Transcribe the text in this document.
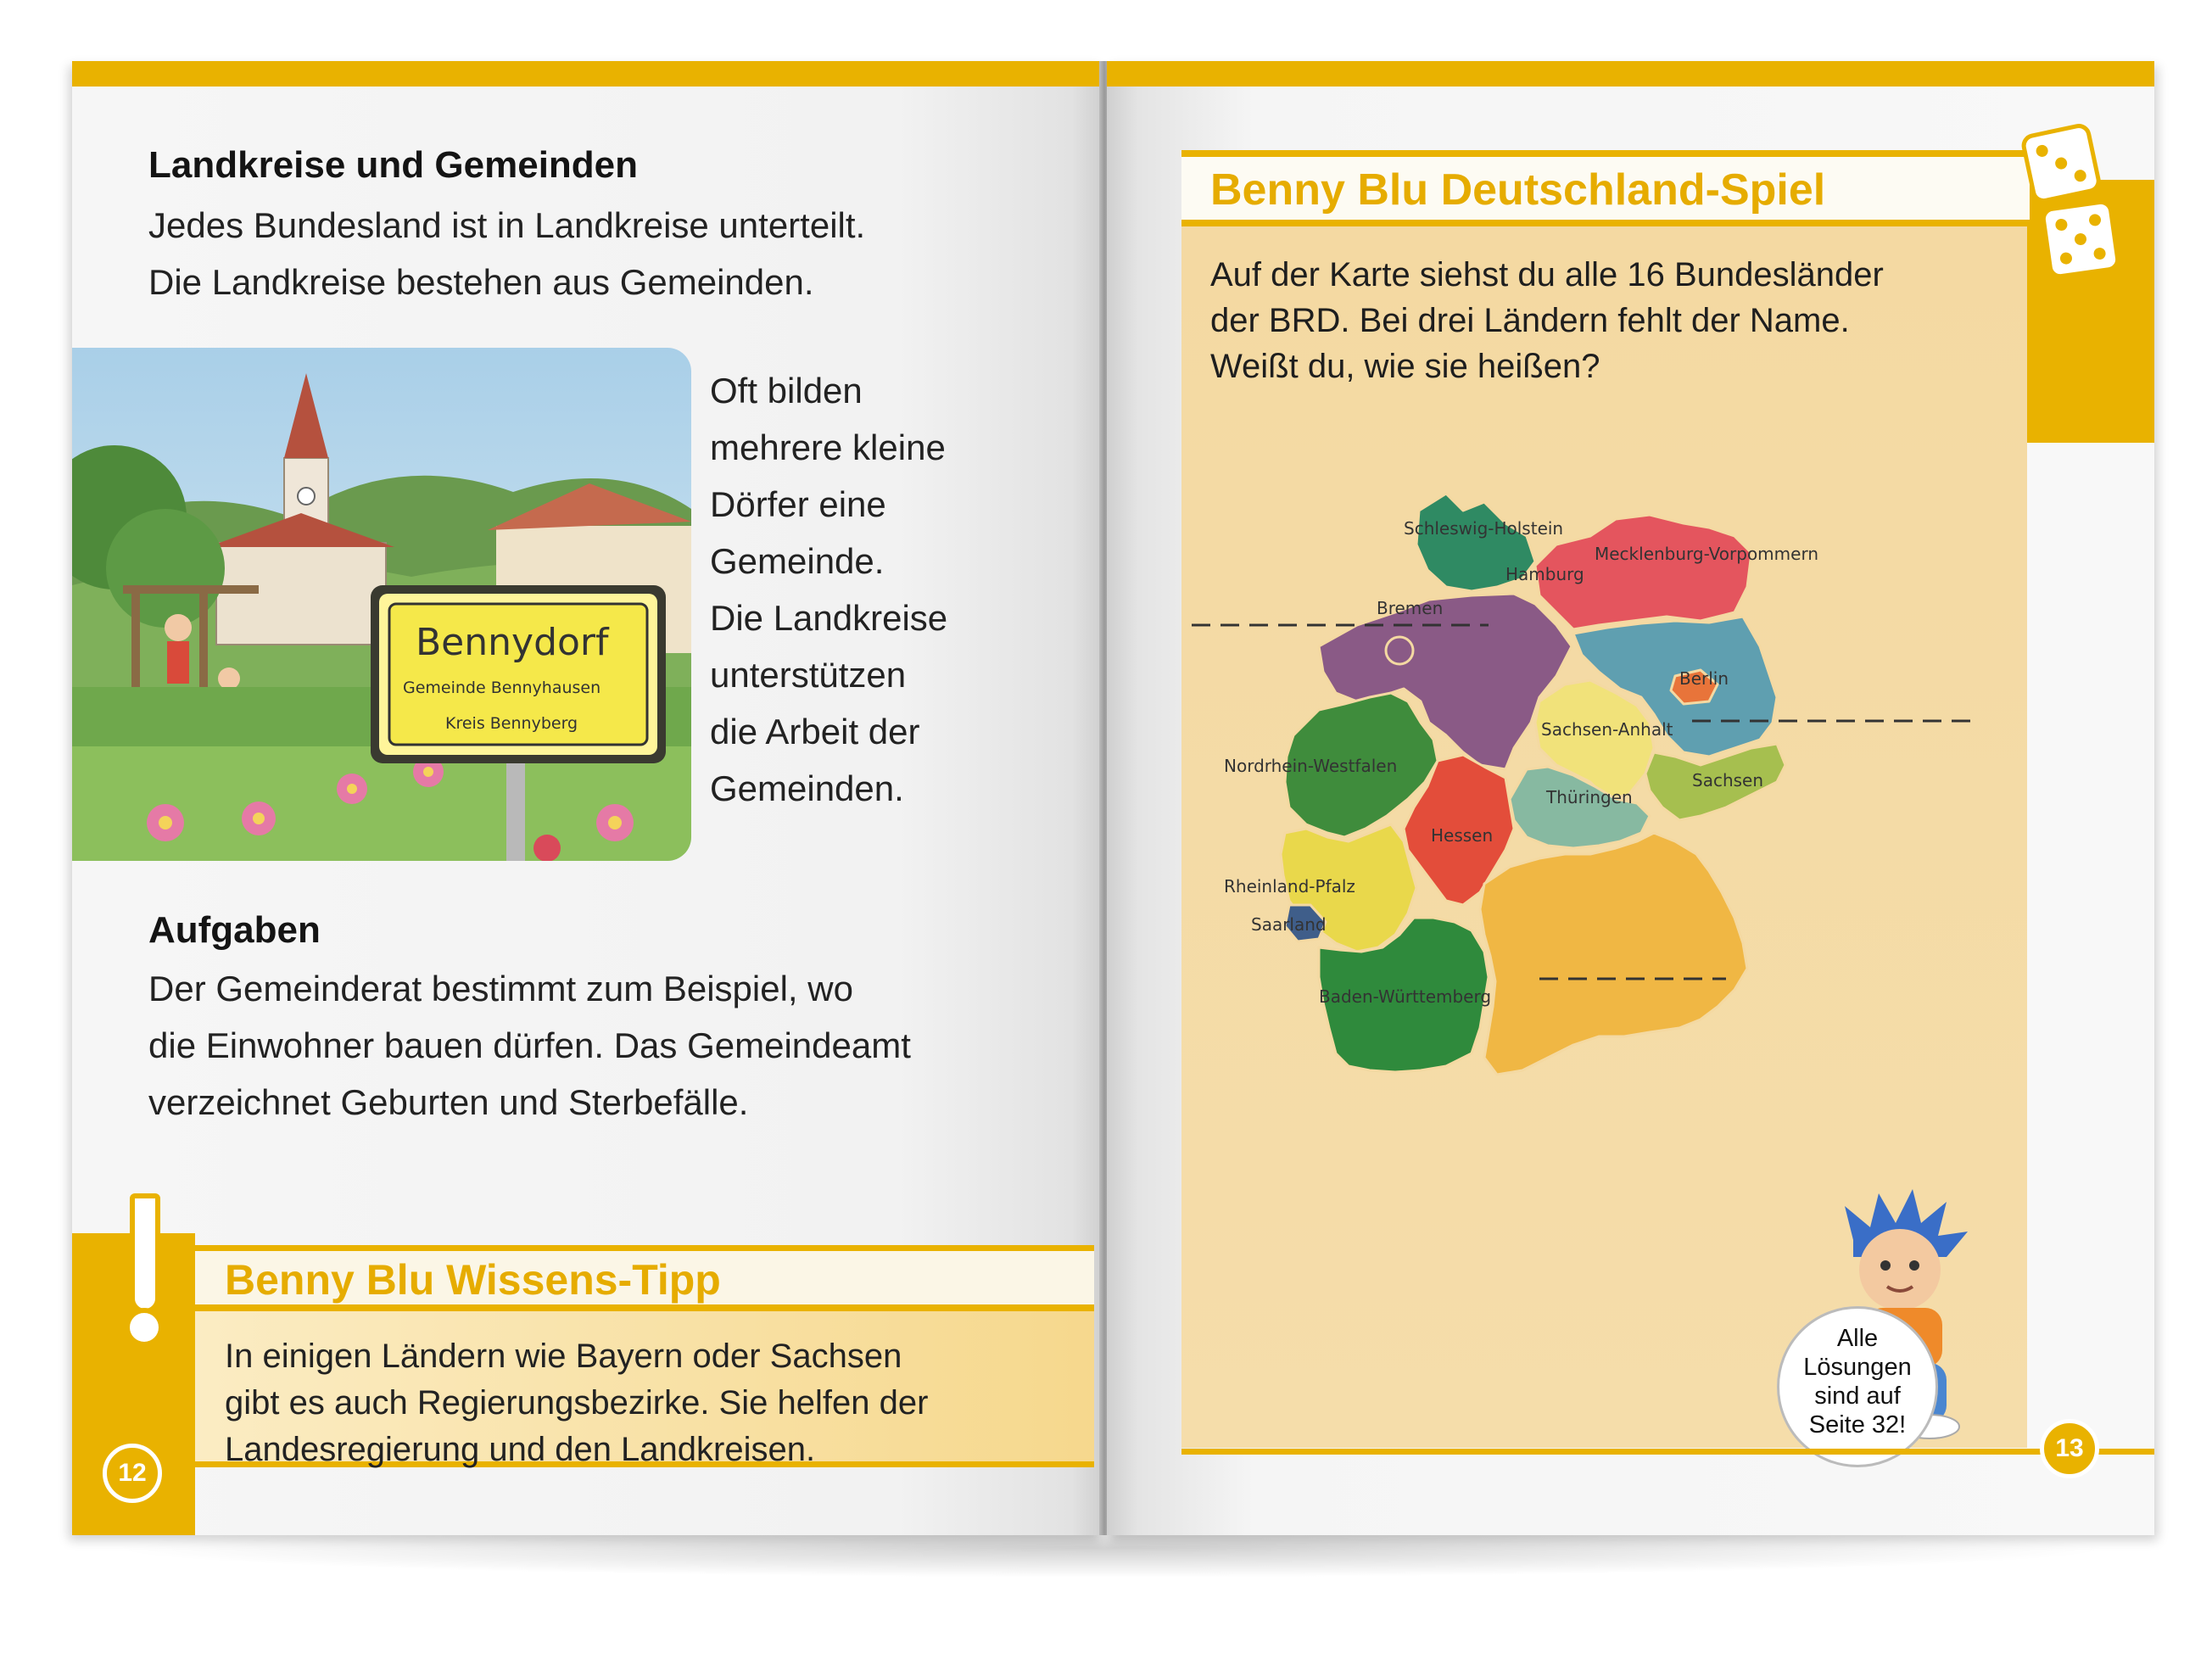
Landkreise und Gemeinden
Jedes Bundesland ist in Landkreise unterteilt.
Die Landkreise bestehen aus Gemeinden.
Bennydorf
Gemeinde Bennyhausen
Kreis Bennyberg
Oft bilden
mehrere kleine
Dörfer eine
Gemeinde.
Die Landkreise
unterstützen
die Arbeit der
Gemeinden.
Aufgaben
Der Gemeinderat bestimmt zum Beispiel, wo
die Einwohner bauen dürfen. Das Gemeindeamt
verzeichnet Geburten und Sterbefälle.
Benny Blu Wissens-Tipp
In einigen Ländern wie Bayern oder Sachsen
gibt es auch Regierungsbezirke. Sie helfen der
Landesregierung und den Landkreisen.
12
Benny Blu Deutschland-Spiel
Auf der Karte siehst du alle 16 Bundesländer
der BRD. Bei drei Ländern fehlt der Name.
Weißt du, wie sie heißen?
Schleswig-Holstein
Hamburg
Mecklenburg-Vorpommern
Bremen
Berlin
Sachsen-Anhalt
Nordrhein-Westfalen
Sachsen
Thüringen
Hessen
Rheinland-Pfalz
Saarland
Baden-Württemberg
Alle
Lösungen
sind auf
Seite 32!
13
